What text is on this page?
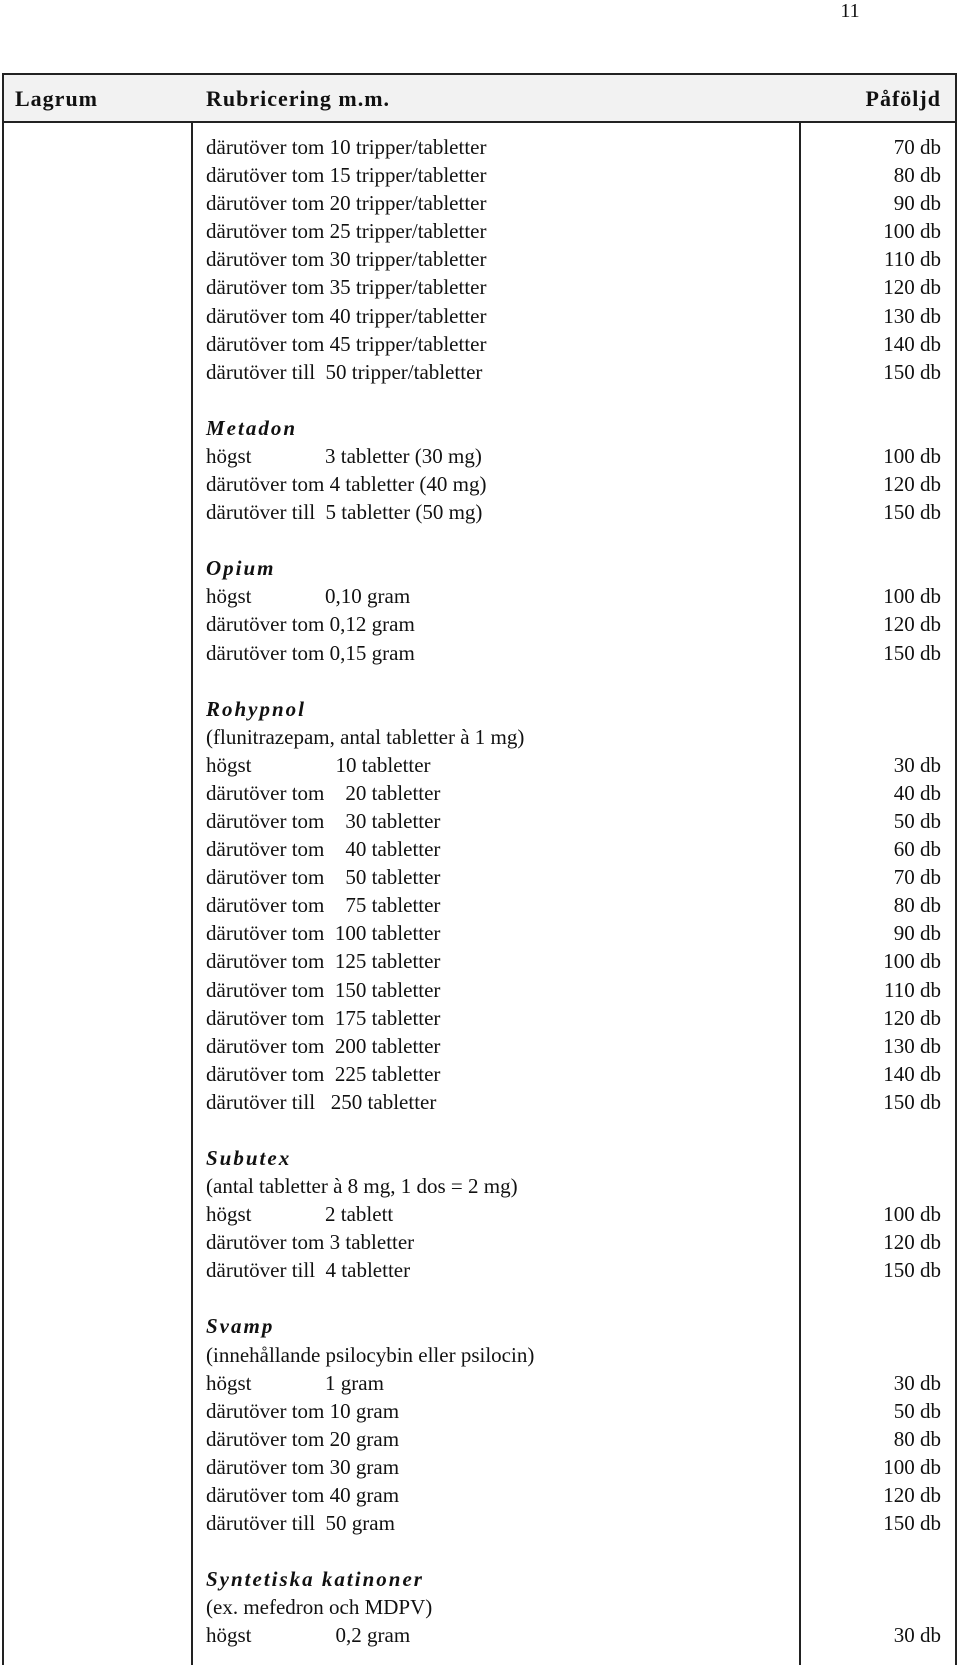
11
Lagrum	Rubricering m.m.	Påföljd
därutöver tom 10 tripper/tabletter	70 db
därutöver tom 15 tripper/tabletter	80 db
därutöver tom 20 tripper/tabletter	90 db
därutöver tom 25 tripper/tabletter	100 db
därutöver tom 30 tripper/tabletter	110 db
därutöver tom 35 tripper/tabletter	120 db
därutöver tom 40 tripper/tabletter	130 db
därutöver tom 45 tripper/tabletter	140 db
därutöver till  50 tripper/tabletter	150 db
Metadon
högst              3 tabletter (30 mg)	100 db
därutöver tom 4 tabletter (40 mg)	120 db
därutöver till  5 tabletter (50 mg)	150 db
Opium
högst              0,10 gram	100 db
därutöver tom 0,12 gram	120 db
därutöver tom 0,15 gram	150 db
Rohypnol
(flunitrazepam, antal tabletter à 1 mg)
högst                10 tabletter	30 db
därutöver tom    20 tabletter	40 db
därutöver tom    30 tabletter	50 db
därutöver tom    40 tabletter	60 db
därutöver tom    50 tabletter	70 db
därutöver tom    75 tabletter	80 db
därutöver tom  100 tabletter	90 db
därutöver tom  125 tabletter	100 db
därutöver tom  150 tabletter	110 db
därutöver tom  175 tabletter	120 db
därutöver tom  200 tabletter	130 db
därutöver tom  225 tabletter	140 db
därutöver till   250 tabletter	150 db
Subutex
(antal tabletter à 8 mg, 1 dos = 2 mg)
högst              2 tablett	100 db
därutöver tom 3 tabletter	120 db
därutöver till  4 tabletter	150 db
Svamp
(innehållande psilocybin eller psilocin)
högst              1 gram	30 db
därutöver tom 10 gram	50 db
därutöver tom 20 gram	80 db
därutöver tom 30 gram	100 db
därutöver tom 40 gram	120 db
därutöver till  50 gram	150 db
Syntetiska katinoner
(ex. mefedron och MDPV)
högst                0,2 gram	30 db
